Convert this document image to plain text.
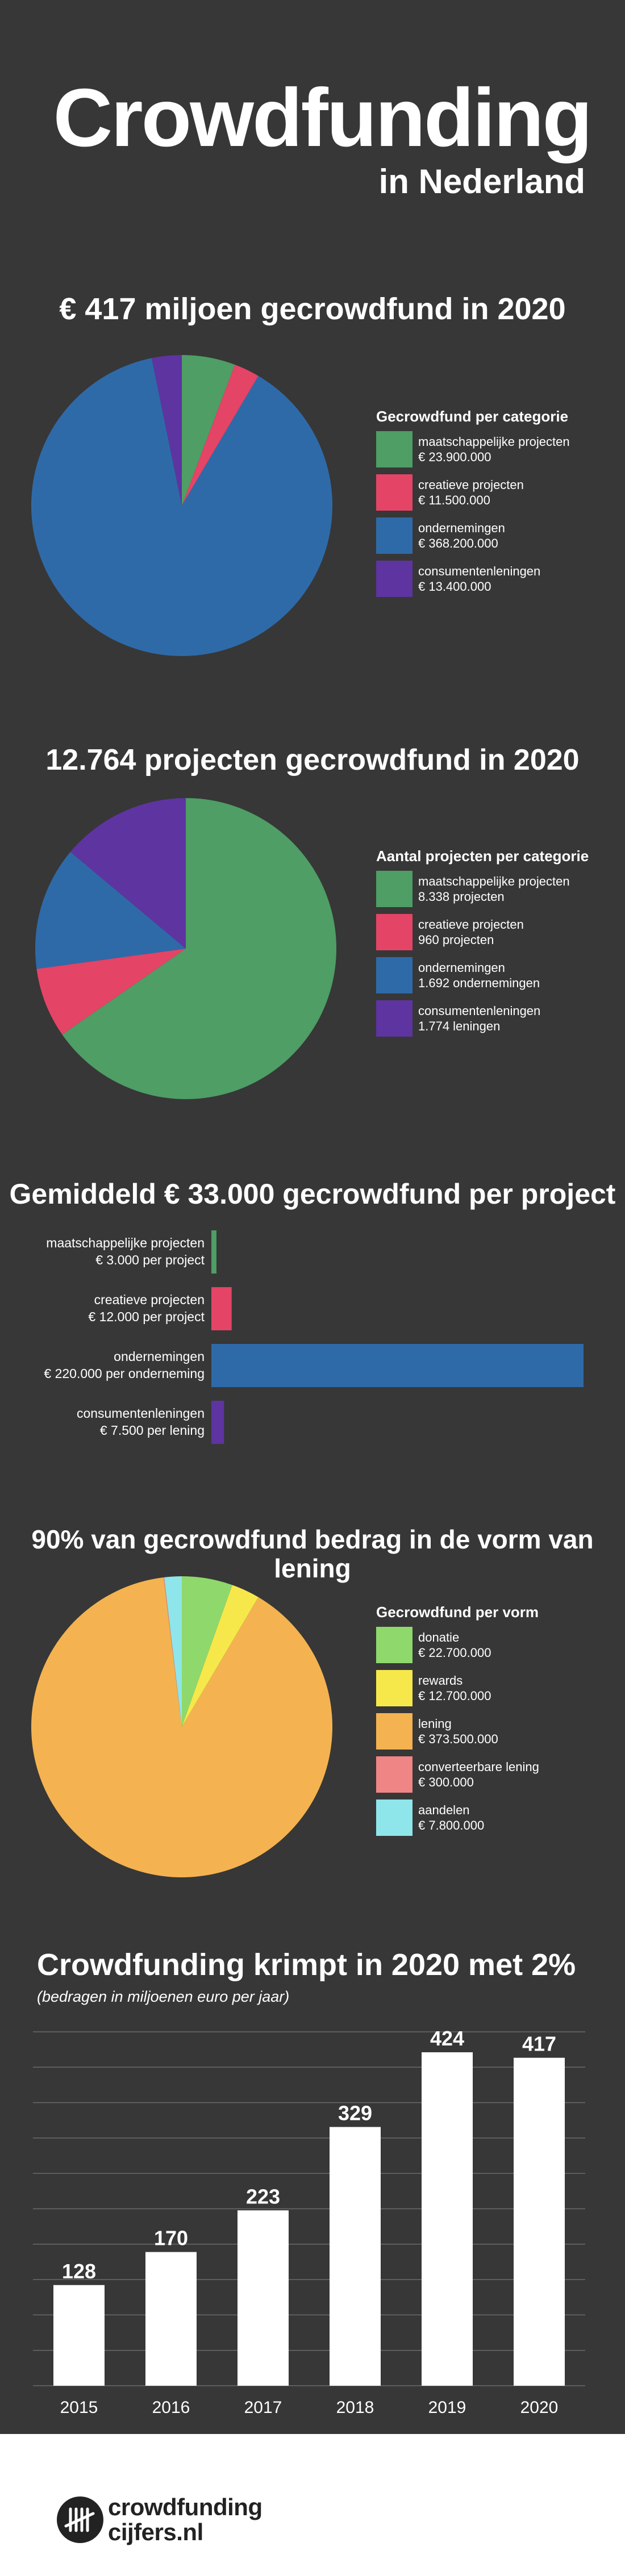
Crowdfunding
in Nederland
€ 417 miljoen gecrowdfund in 2020
Gecrowdfund per categorie
maatschappelijke projecten
€ 23.900.000
creatieve projecten
€ 11.500.000
ondernemingen
€ 368.200.000
consumentenleningen
€ 13.400.000
12.764 projecten gecrowdfund in 2020
Aantal projecten per categorie
maatschappelijke projecten
8.338 projecten
creatieve projecten
960 projecten
ondernemingen
1.692 ondernemingen
consumentenleningen
1.774 leningen
Gemiddeld € 33.000 gecrowdfund per project
maatschappelijke projecten
€ 3.000 per project
creatieve projecten
€ 12.000 per project
ondernemingen
€ 220.000 per onderneming
consumentenleningen
€ 7.500 per lening
90% van gecrowdfund bedrag in de vorm van lening
Gecrowdfund per vorm
donatie
€ 22.700.000
rewards
€ 12.700.000
lening
€ 373.500.000
converteerbare lening
€ 300.000
aandelen
€ 7.800.000
Crowdfunding krimpt in 2020 met 2%
(bedragen in miljoenen euro per jaar)
128
2015
170
2016
223
2017
329
2018
424
2019
417
2020
crowdfunding
cijfers.nl
